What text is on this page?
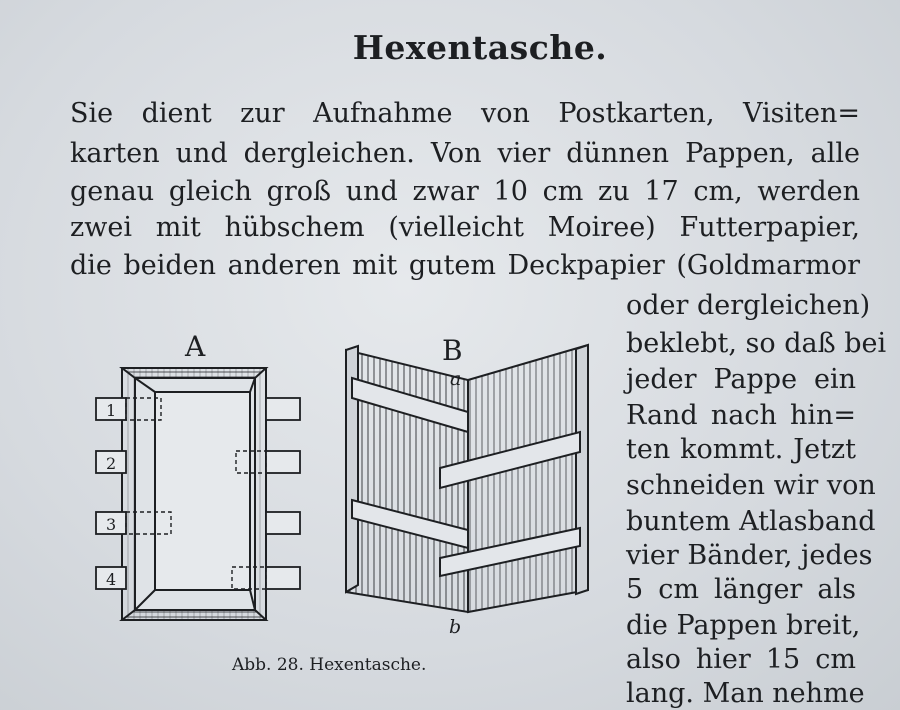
Hexentasche.
Sie dient zur Aufnahme von Postkarten, Visiten=
karten und dergleichen. Von vier dünnen Pappen, alle
genau gleich groß und zwar 10 cm zu 17 cm, werden
zwei mit hübschem (vielleicht Moiree) Futterpapier,
die beiden anderen mit gutem Deckpapier (Goldmarmor
oder dergleichen)
beklebt, so daß bei
jeder Pappe ein
Rand nach hin=
ten kommt. Jetzt
schneiden wir von
buntem Atlasband
vier Bänder, jedes
5 cm länger als
die Pappen breit,
also hier 15 cm
lang. Man nehme
A
1
2
3
4
B
a
b
Abb. 28. Hexentasche.
